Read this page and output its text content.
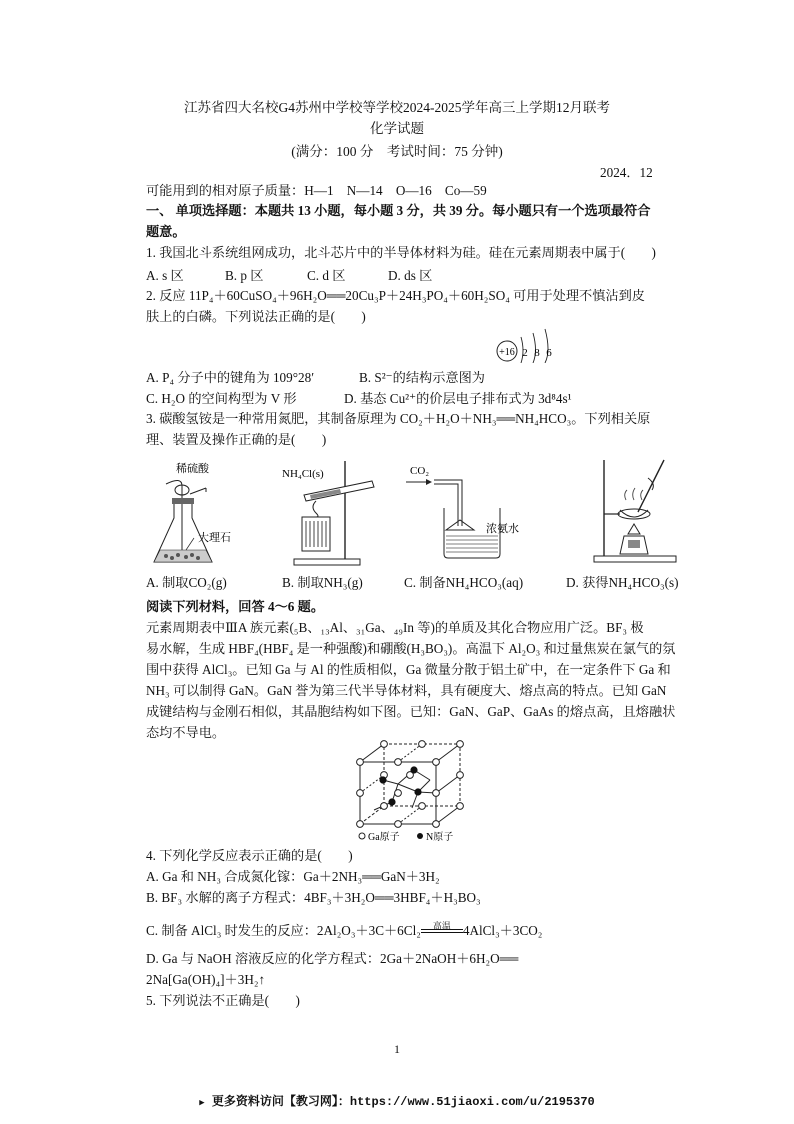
江苏省四大名校G4苏州中学校等学校2024-2025学年高三上学期12月联考
化学试题
(满分：100 分　考试时间：75 分钟)
2024．12
可能用到的相对原子质量：H—1　N—14　O—16　Co—59
一、 单项选择题：本题共 13 小题，每小题 3 分，共 39 分。每小题只有一个选项最符合
题意。
1. 我国北斗系统组网成功，北斗芯片中的半导体材料为硅。硅在元素周期表中属于(　　)
A. s 区	B. p 区	C. d 区	D. ds 区
2. 反应 11P₄＋60CuSO₄＋96H₂O══20Cu₃P＋24H₃PO₄＋60H₂SO₄ 可用于处理不慎沾到皮
肤上的白磷。下列说法正确的是(　　)
+16 2 8 6
A. P₄ 分子中的键角为 109°28′	B. S²⁻的结构示意图为
C. H₂O 的空间构型为 V 形	D. 基态 Cu²⁺的价层电子排布式为 3d⁸4s¹
3. 碳酸氢铵是一种常用氮肥，其制备原理为 CO₂＋H₂O＋NH₃══NH₄HCO₃。下列相关原
理、装置及操作正确的是(　　)
稀硫酸
大理石
NH₄Cl(s)	CO₂
浓氨水
A. 制取CO₂(g)	B. 制取NH₃(g)	C. 制备NH₄HCO₃(aq)	D. 获得NH₄HCO₃(s)
阅读下列材料，回答 4～6 题。
元素周期表中ⅢA 族元素(₅B、₁₃Al、₃₁Ga、₄₉In 等)的单质及其化合物应用广泛。BF₃ 极
易水解，生成 HBF₄(HBF₄ 是一种强酸)和硼酸(H₃BO₃)。高温下 Al₂O₃ 和过量焦炭在氯气的氛
围中获得 AlCl₃。已知 Ga 与 Al 的性质相似，Ga 微量分散于铝土矿中，在一定条件下 Ga 和
NH₃ 可以制得 GaN。GaN 誉为第三代半导体材料，具有硬度大、熔点高的特点。已知 GaN
成键结构与金刚石相似，其晶胞结构如下图。已知：GaN、GaP、GaAs 的熔点高，且熔融状
态均不导电。
Ga原子	N原子
4. 下列化学反应表示正确的是(　　)
A. Ga 和 NH₃ 合成氮化镓：Ga＋2NH₃══GaN＋3H₂
B. BF₃ 水解的离子方程式：4BF₃＋3H₂O══3HBF₄＋H₃BO₃
C. 制备 AlCl₃ 时发生的反应：2Al₂O₃＋3C＋6Cl₂	高温 4AlCl₃＋3CO₂
D. Ga 与 NaOH 溶液反应的化学方程式：2Ga＋2NaOH＋6H₂O══
2Na[Ga(OH)₄]＋3H₂↑
5. 下列说法不正确是(　　)
1
▶ 更多资料访问【教习网】：https://www.51jiaoxi.com/u/2195370
